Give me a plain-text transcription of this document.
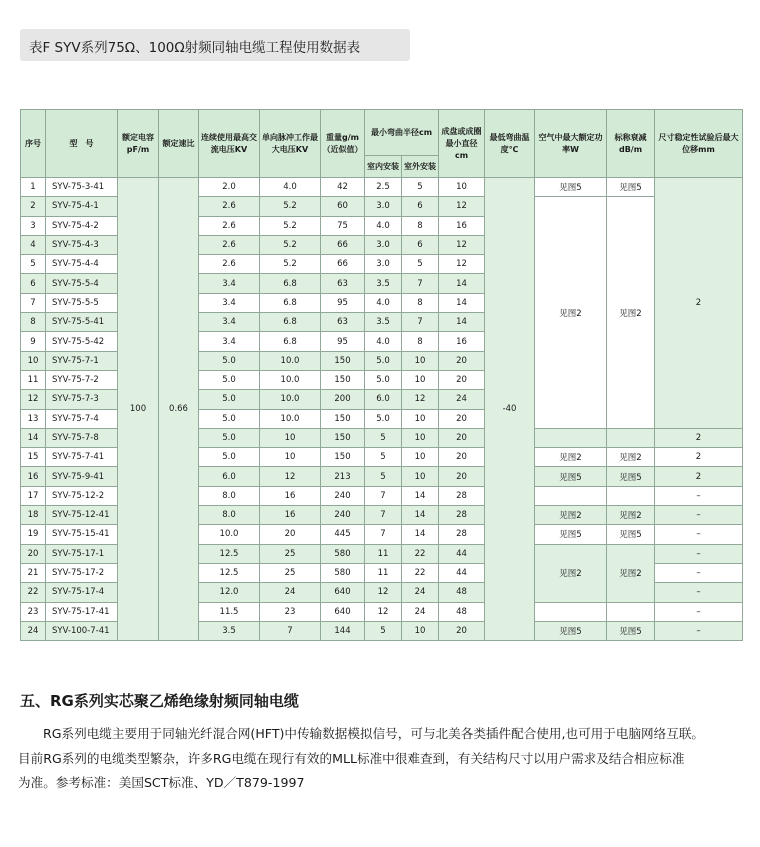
表F SYV系列75Ω、100Ω射频同轴电缆工程使用数据表
序号	型　号	额定电容pF/m	额定速比	连续使用最高交流电压KV	单向脉冲工作最大电压KV	重量g/m（近似值）	最小弯曲半径cm		成盘或成圈最小直径cm	最低弯曲温度℃	空气中最大额定功率W	标称衰减dB/m	尺寸稳定性试验后最大位移mm
							室内安装	室外安装					
1	SYV-75-3-41	100	0.66	2.0	4.0	42	2.5	5	10	-40	见图5	见图5	2
2	SYV-75-4-1			2.6	5.2	60	3.0	6	12		见图2	见图2	
3	SYV-75-4-2			2.6	5.2	75	4.0	8	16				
4	SYV-75-4-3			2.6	5.2	66	3.0	6	12				
5	SYV-75-4-4			2.6	5.2	66	3.0	5	12				
6	SYV-75-5-4			3.4	6.8	63	3.5	7	14				
7	SYV-75-5-5			3.4	6.8	95	4.0	8	14				
8	SYV-75-5-41			3.4	6.8	63	3.5	7	14				
9	SYV-75-5-42			3.4	6.8	95	4.0	8	16				
10	SYV-75-7-1			5.0	10.0	150	5.0	10	20				
11	SYV-75-7-2			5.0	10.0	150	5.0	10	20				
12	SYV-75-7-3			5.0	10.0	200	6.0	12	24				
13	SYV-75-7-4			5.0	10.0	150	5.0	10	20				
14	SYV-75-7-8			5.0	10	150	5	10	20				2
15	SYV-75-7-41			5.0	10	150	5	10	20		见图2	见图2	2
16	SYV-75-9-41			6.0	12	213	5	10	20		见图5	见图5	2
17	SYV-75-12-2			8.0	16	240	7	14	28				–
18	SYV-75-12-41			8.0	16	240	7	14	28		见图2	见图2	–
19	SYV-75-15-41			10.0	20	445	7	14	28		见图5	见图5	–
20	SYV-75-17-1			12.5	25	580	11	22	44		见图2	见图2	–
21	SYV-75-17-2			12.5	25	580	11	22	44				–
22	SYV-75-17-4			12.0	24	640	12	24	48				–
23	SYV-75-17-41			11.5	23	640	12	24	48				–
24	SYV-100-7-41			3.5	7	144	5	10	20		见图5	见图5	–
五、RG系列实芯聚乙烯绝缘射频同轴电缆

RG系列电缆主要用于同轴光纤混合网(HFT)中传输数据模拟信号，可与北美各类插件配合使用,也可用于电脑网络互联。

目前RG系列的电缆类型繁杂，许多RG电缆在现行有效的MLL标准中很难查到，有关结构尺寸以用户需求及结合相应标准

为准。参考标准：美国SCT标准、YD／T879-1997
